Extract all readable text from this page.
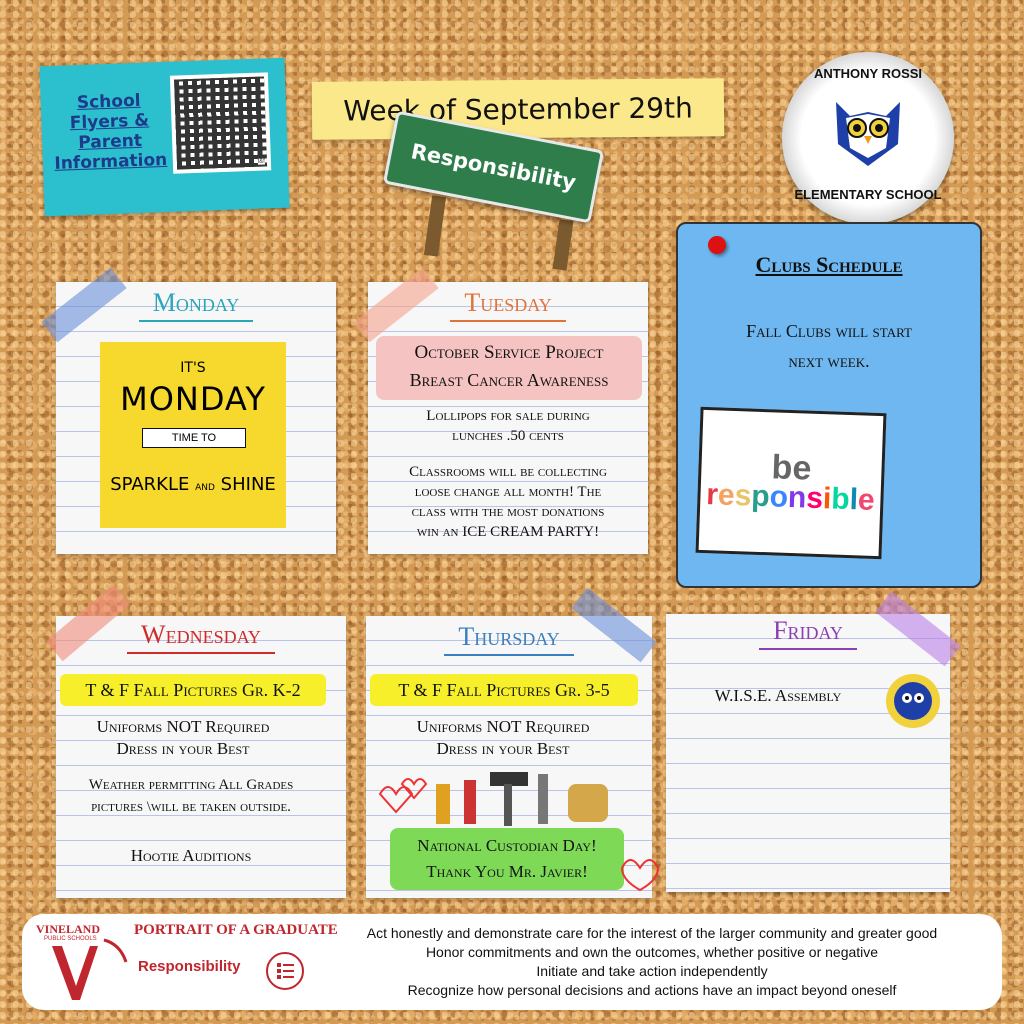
School
Flyers &
Parent
Information	t&f
Week of September 29th
Responsibility
ANTHONY ROSSI
ELEMENTARY SCHOOL
Clubs Schedule
Fall Clubs will start
next week.
be
responsible
Monday
IT'S
MONDAY
TIME TO
SPARKLE AND SHINE
Tuesday
October Service Project
Breast Cancer Awareness
Lollipops for sale during
lunches .50 cents
Classrooms will be collecting
loose change all month! The
class with the most donations
win an ICE CREAM PARTY!
Wednesday
T & F Fall Pictures Gr. K-2
Uniforms NOT Required
Dress in your Best
Weather permitting All Grades
pictures \will be taken outside.
Hootie Auditions
Thursday
T & F Fall Pictures Gr. 3-5
Uniforms NOT Required
Dress in your Best
National Custodian Day!
Thank You Mr. Javier!
Friday
W.I.S.E. Assembly
VINELAND
PUBLIC SCHOOLS
PORTRAIT OF A GRADUATE
Responsibility
Act honestly and demonstrate care for the interest of the larger community and greater good
Honor commitments and own the outcomes, whether positive or negative
Initiate and take action independently
Recognize how personal decisions and actions have an impact beyond oneself
